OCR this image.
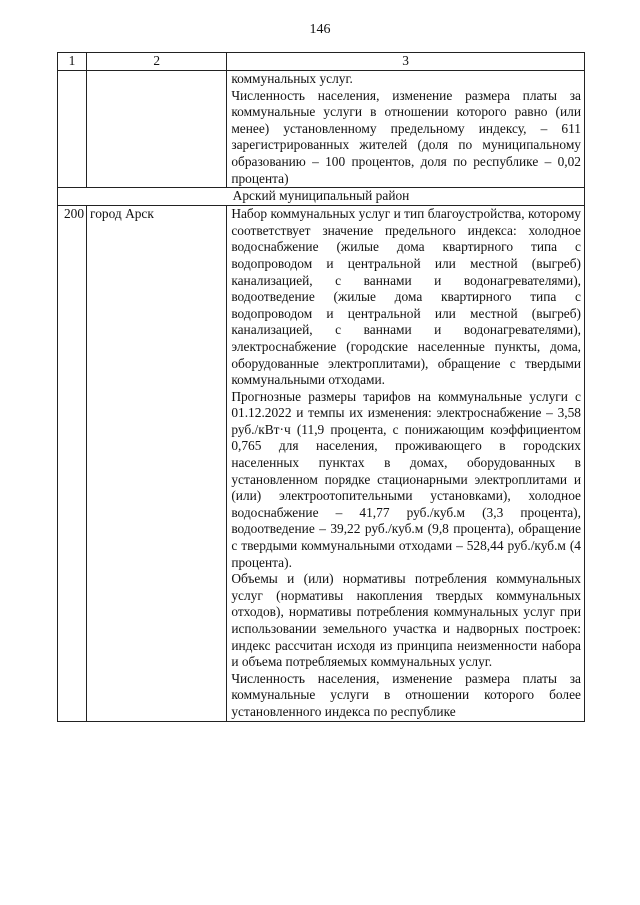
146
1	2	3

		коммунальных услуг.

Численность населения, изменение размера платы за коммунальные услуги в отношении которого равно (или менее) установленному предельному индексу, – 611 зарегистрированных жителей (доля по муниципальному образованию – 100 процентов, доля по республике – 0,02 процента)

Арский муниципальный район		
200	город Арск	Набор коммунальных услуг и тип благоустройства, которому соответствует значение предельного индекса: холодное водоснабжение (жилые дома квартирного типа с водопроводом и центральной или местной (выгреб) канализацией, с ваннами и водонагревателями), водоотведение (жилые дома квартирного типа с водопроводом и центральной или местной (выгреб) канализацией, с ваннами и водонагревателями), электроснабжение (городские населенные пункты, дома, оборудованные электроплитами), обращение с твердыми коммунальными отходами.

Прогнозные размеры тарифов на коммунальные услуги с 01.12.2022 и темпы их изменения: электроснабжение – 3,58 руб./кВт·ч (11,9 процента, с понижающим коэффициентом 0,765 для населения, проживающего в городских населенных пунктах в домах, оборудованных в установленном порядке стационарными электроплитами и (или) электроотопительными установками), холодное водоснабжение – 41,77 руб./куб.м (3,3 процента), водоотведение – 39,22 руб./куб.м (9,8 процента), обращение с твердыми коммунальными отходами – 528,44 руб./куб.м (4 процента).

Объемы и (или) нормативы потребления коммунальных услуг (нормативы накопления твердых коммунальных отходов), нормативы потребления коммунальных услуг при использовании земельного участка и надворных построек: индекс рассчитан исходя из принципа неизменности набора и объема потребляемых коммунальных услуг.

Численность населения, изменение размера платы за коммунальные услуги в отношении которого более установленного индекса по республике
